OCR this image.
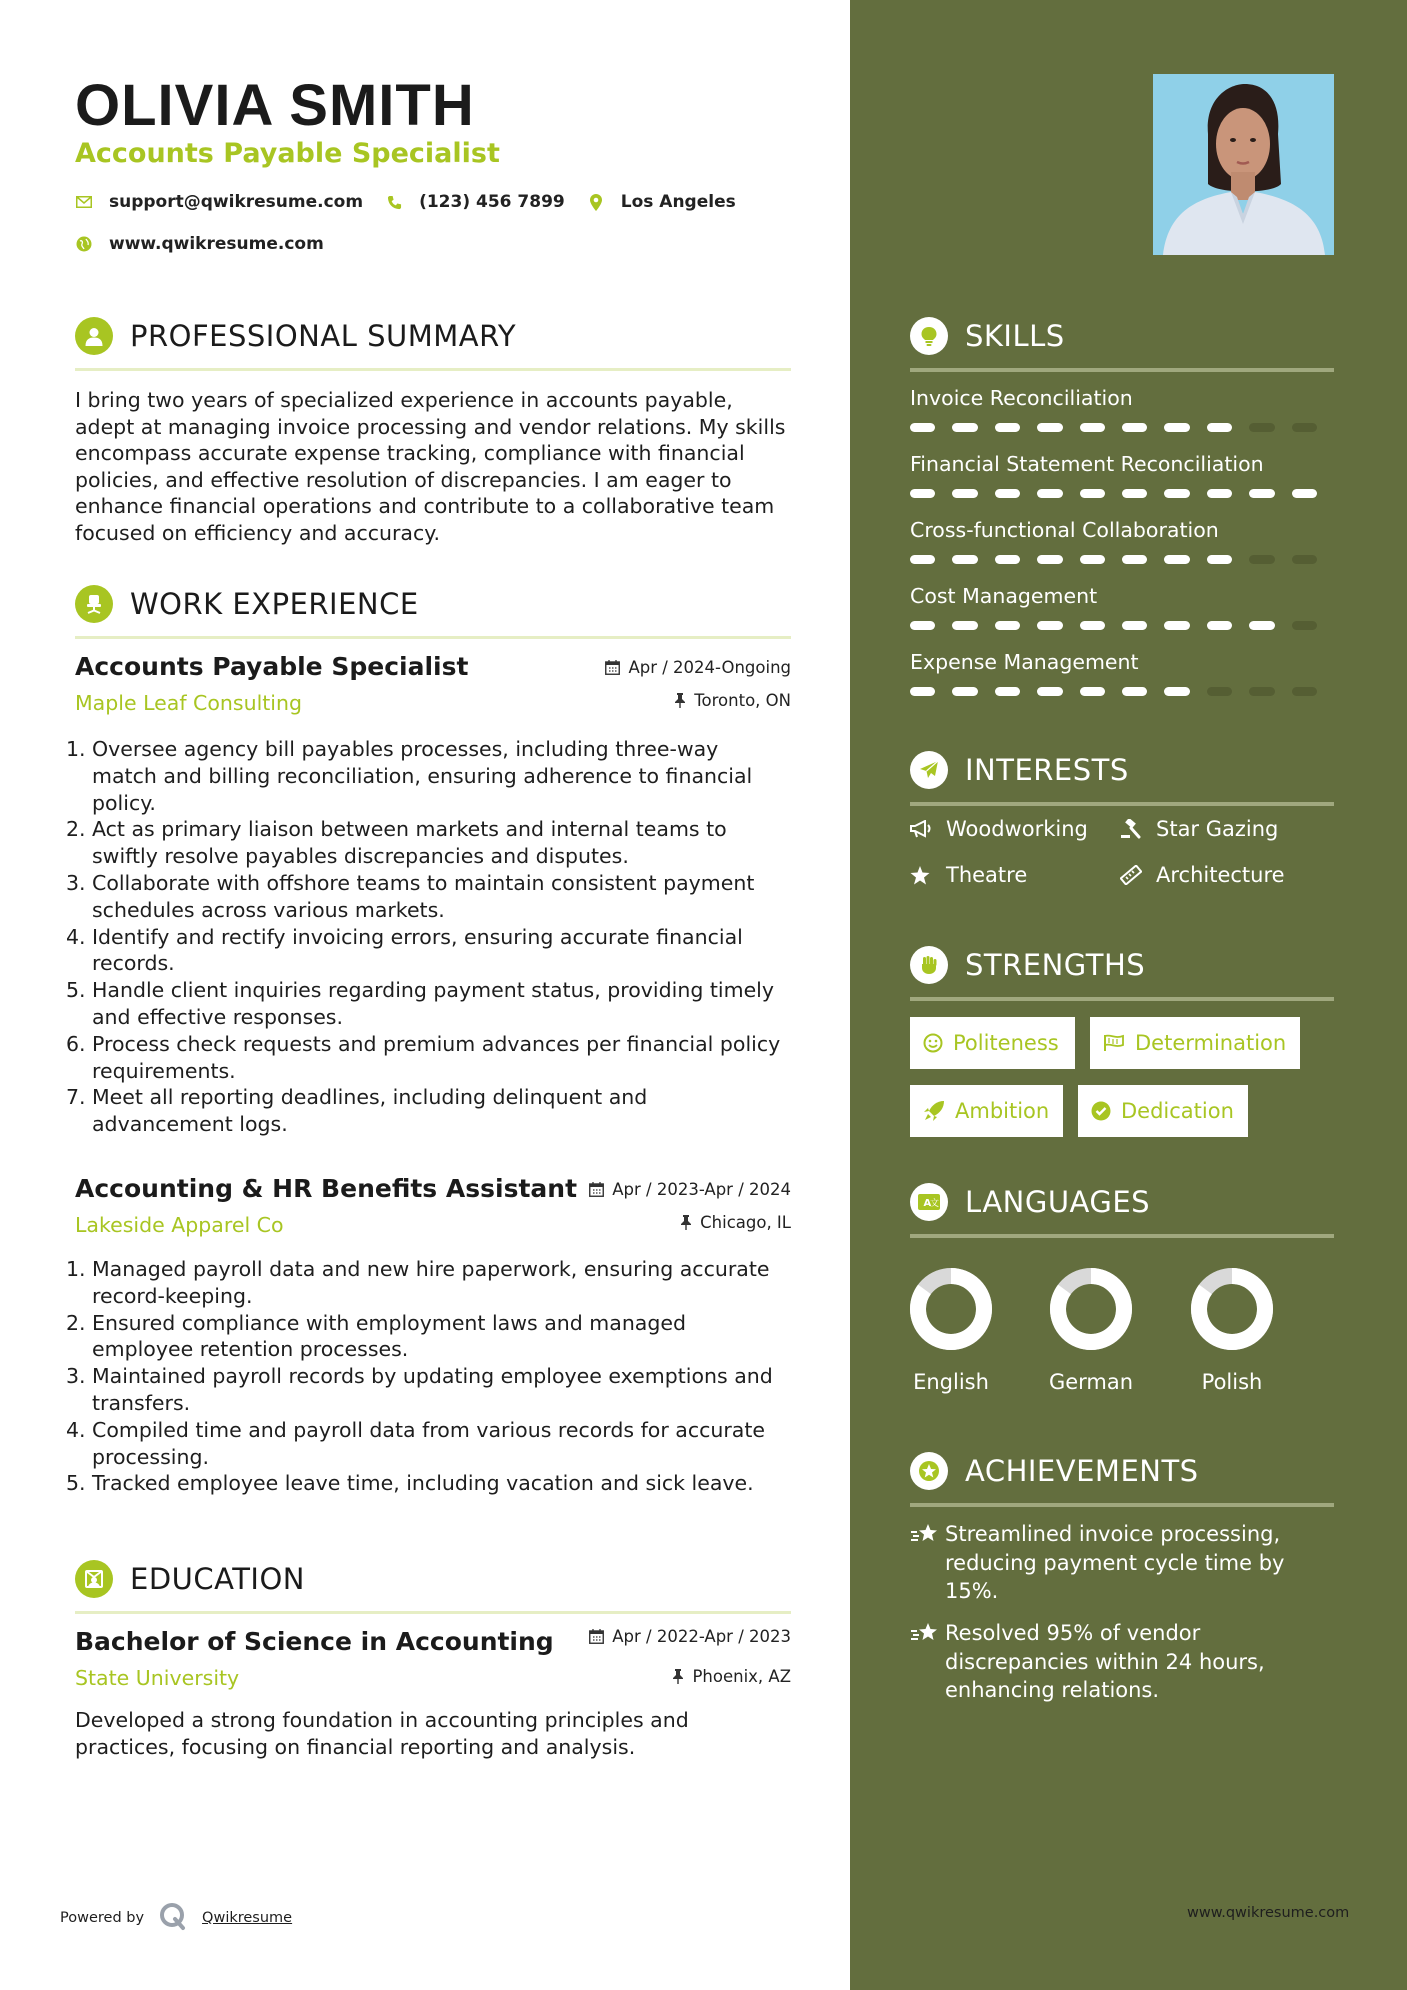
OLIVIA SMITH
Accounts Payable Specialist
support@qwikresume.com	(123) 456 7899	Los Angeles
www.qwikresume.com
PROFESSIONAL SUMMARY
I bring two years of specialized experience in accounts payable, adept at managing invoice processing and vendor relations. My skills encompass accurate expense tracking, compliance with financial policies, and effective resolution of discrepancies. I am eager to enhance financial operations and contribute to a collaborative team focused on efficiency and accuracy.
WORK EXPERIENCE
Accounts Payable Specialist
Maple Leaf Consulting
Apr / 2024-Ongoing
Toronto, ON
1. Oversee agency bill payables processes, including three-way
match and billing reconciliation, ensuring adherence to financial
policy.
2. Act as primary liaison between markets and internal teams to
swiftly resolve payables discrepancies and disputes.
3. Collaborate with offshore teams to maintain consistent payment
schedules across various markets.
4. Identify and rectify invoicing errors, ensuring accurate financial
records.
5. Handle client inquiries regarding payment status, providing timely
and effective responses.
6. Process check requests and premium advances per financial policy
requirements.
7. Meet all reporting deadlines, including delinquent and
advancement logs.
Accounting & HR Benefits Assistant
Lakeside Apparel Co
Apr / 2023-Apr / 2024
Chicago, IL
1. Managed payroll data and new hire paperwork, ensuring accurate
record-keeping.
2. Ensured compliance with employment laws and managed
employee retention processes.
3. Maintained payroll records by updating employee exemptions and
transfers.
4. Compiled time and payroll data from various records for accurate
processing.
5. Tracked employee leave time, including vacation and sick leave.
EDUCATION
Bachelor of Science in Accounting
State University
Apr / 2022-Apr / 2023
Phoenix, AZ
Developed a strong foundation in accounting principles and
practices, focusing on financial reporting and analysis.
Powered by	Qwikresume
SKILLS
Invoice Reconciliation
Financial Statement Reconciliation
Cross-functional Collaboration
Cost Management
Expense Management
INTERESTS
Woodworking	Star Gazing
Theatre	Architecture
STRENGTHS
Politeness	Determination
Ambition	Dedication
A
文 LANGUAGES
English	German	Polish
ACHIEVEMENTS
Streamlined invoice processing,
reducing payment cycle time by
15%.
Resolved 95% of vendor
discrepancies within 24 hours,
enhancing relations.
www.qwikresume.com
